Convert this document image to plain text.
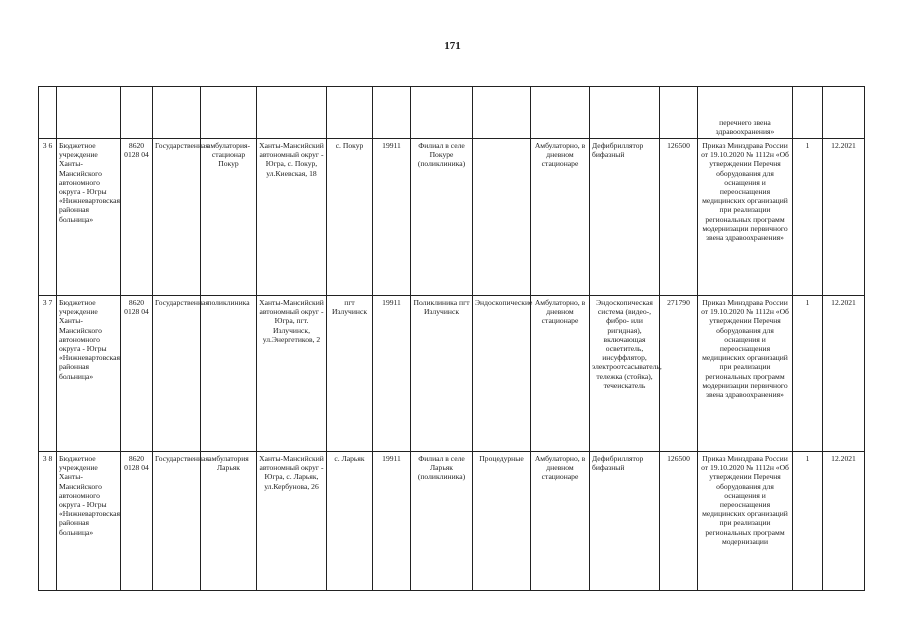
171
													перечнего звена здравоохранения»		
3 6	Бюджетное учреждение Ханты-Мансийского автономного округа - Югры «Нижневартовская районная больница»	8620 0128 04	Государственная	амбулатория-стационар Покур	Ханты-Мансийский автономный округ - Югра, с. Покур, ул.Киевская, 18	с. Покур	19911	Филиал в селе Покуре (поликлиника)		Амбулаторно, в дневном стационаре	Дефибриллятор бифазный	126500	Приказ Минздрава России от 19.10.2020 № 1112н «Об утверждении Перечня оборудования для оснащения и переоснащения медицинских организаций при реализации региональных программ модернизации первичного звена здравоохранения»	1	12.2021
3 7	Бюджетное учреждение Ханты-Мансийского автономного округа - Югры «Нижневартовская районная больница»	8620 0128 04	Государственная	поликлиника	Ханты-Мансийский автономный округ - Югра, пгт. Излучинск, ул.Энергетиков, 2	пгт Излучинск	19911	Поликлиника пгт Излучинск	Эндоскопические	Амбулаторно, в дневном стационаре	Эндоскопическая система (видео-, фибро- или ригидная), включающая осветитель, инсуффлятор, электроотсасыватель, тележка (стойка), течеискатель	271790	Приказ Минздрава России от 19.10.2020 № 1112н «Об утверждении Перечня оборудования для оснащения и переоснащения медицинских организаций при реализации региональных программ модернизации первичного звена здравоохранения»	1	12.2021
3 8	Бюджетное учреждение Ханты-Мансийского автономного округа - Югры «Нижневартовская районная больница»	8620 0128 04	Государственная	амбулатория Ларьяк	Ханты-Мансийский автономный округ - Югра, с. Ларьяк, ул.Кербунова, 26	с. Ларьяк	19911	Филиал в селе Ларьяк (поликлиника)	Процедурные	Амбулаторно, в дневном стационаре	Дефибриллятор бифазный	126500	Приказ Минздрава России от 19.10.2020 № 1112н «Об утверждении Перечня оборудования для оснащения и переоснащения медицинских организаций при реализации региональных программ модернизации	1	12.2021
